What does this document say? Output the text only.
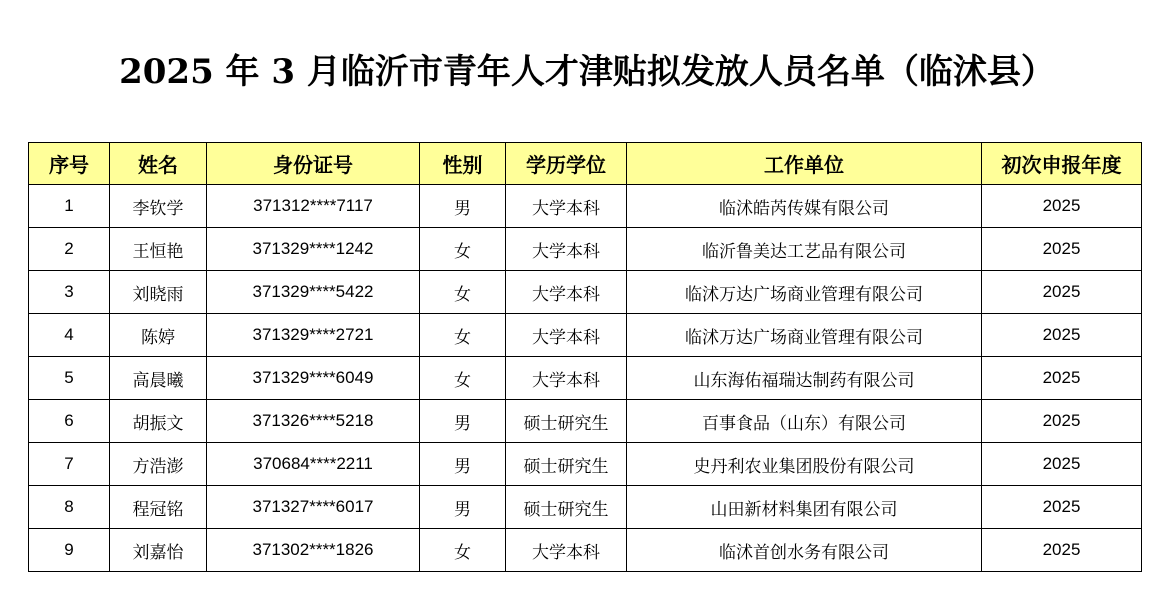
2025 年 3 月临沂市青年人才津贴拟发放人员名单（临沭县）
序号	姓名	身份证号	性别	学历学位	工作单位	初次申报年度
1	李钦学	371312****7117	男	大学本科	临沭皓芮传媒有限公司	2025
2	王恒艳	371329****1242	女	大学本科	临沂鲁美达工艺品有限公司	2025
3	刘晓雨	371329****5422	女	大学本科	临沭万达广场商业管理有限公司	2025
4	陈婷	371329****2721	女	大学本科	临沭万达广场商业管理有限公司	2025
5	高晨曦	371329****6049	女	大学本科	山东海佑福瑞达制药有限公司	2025
6	胡振文	371326****5218	男	硕士研究生	百事食品（山东）有限公司	2025
7	方浩澎	370684****2211	男	硕士研究生	史丹利农业集团股份有限公司	2025
8	程冠铭	371327****6017	男	硕士研究生	山田新材料集团有限公司	2025
9	刘嘉怡	371302****1826	女	大学本科	临沭首创水务有限公司	2025
